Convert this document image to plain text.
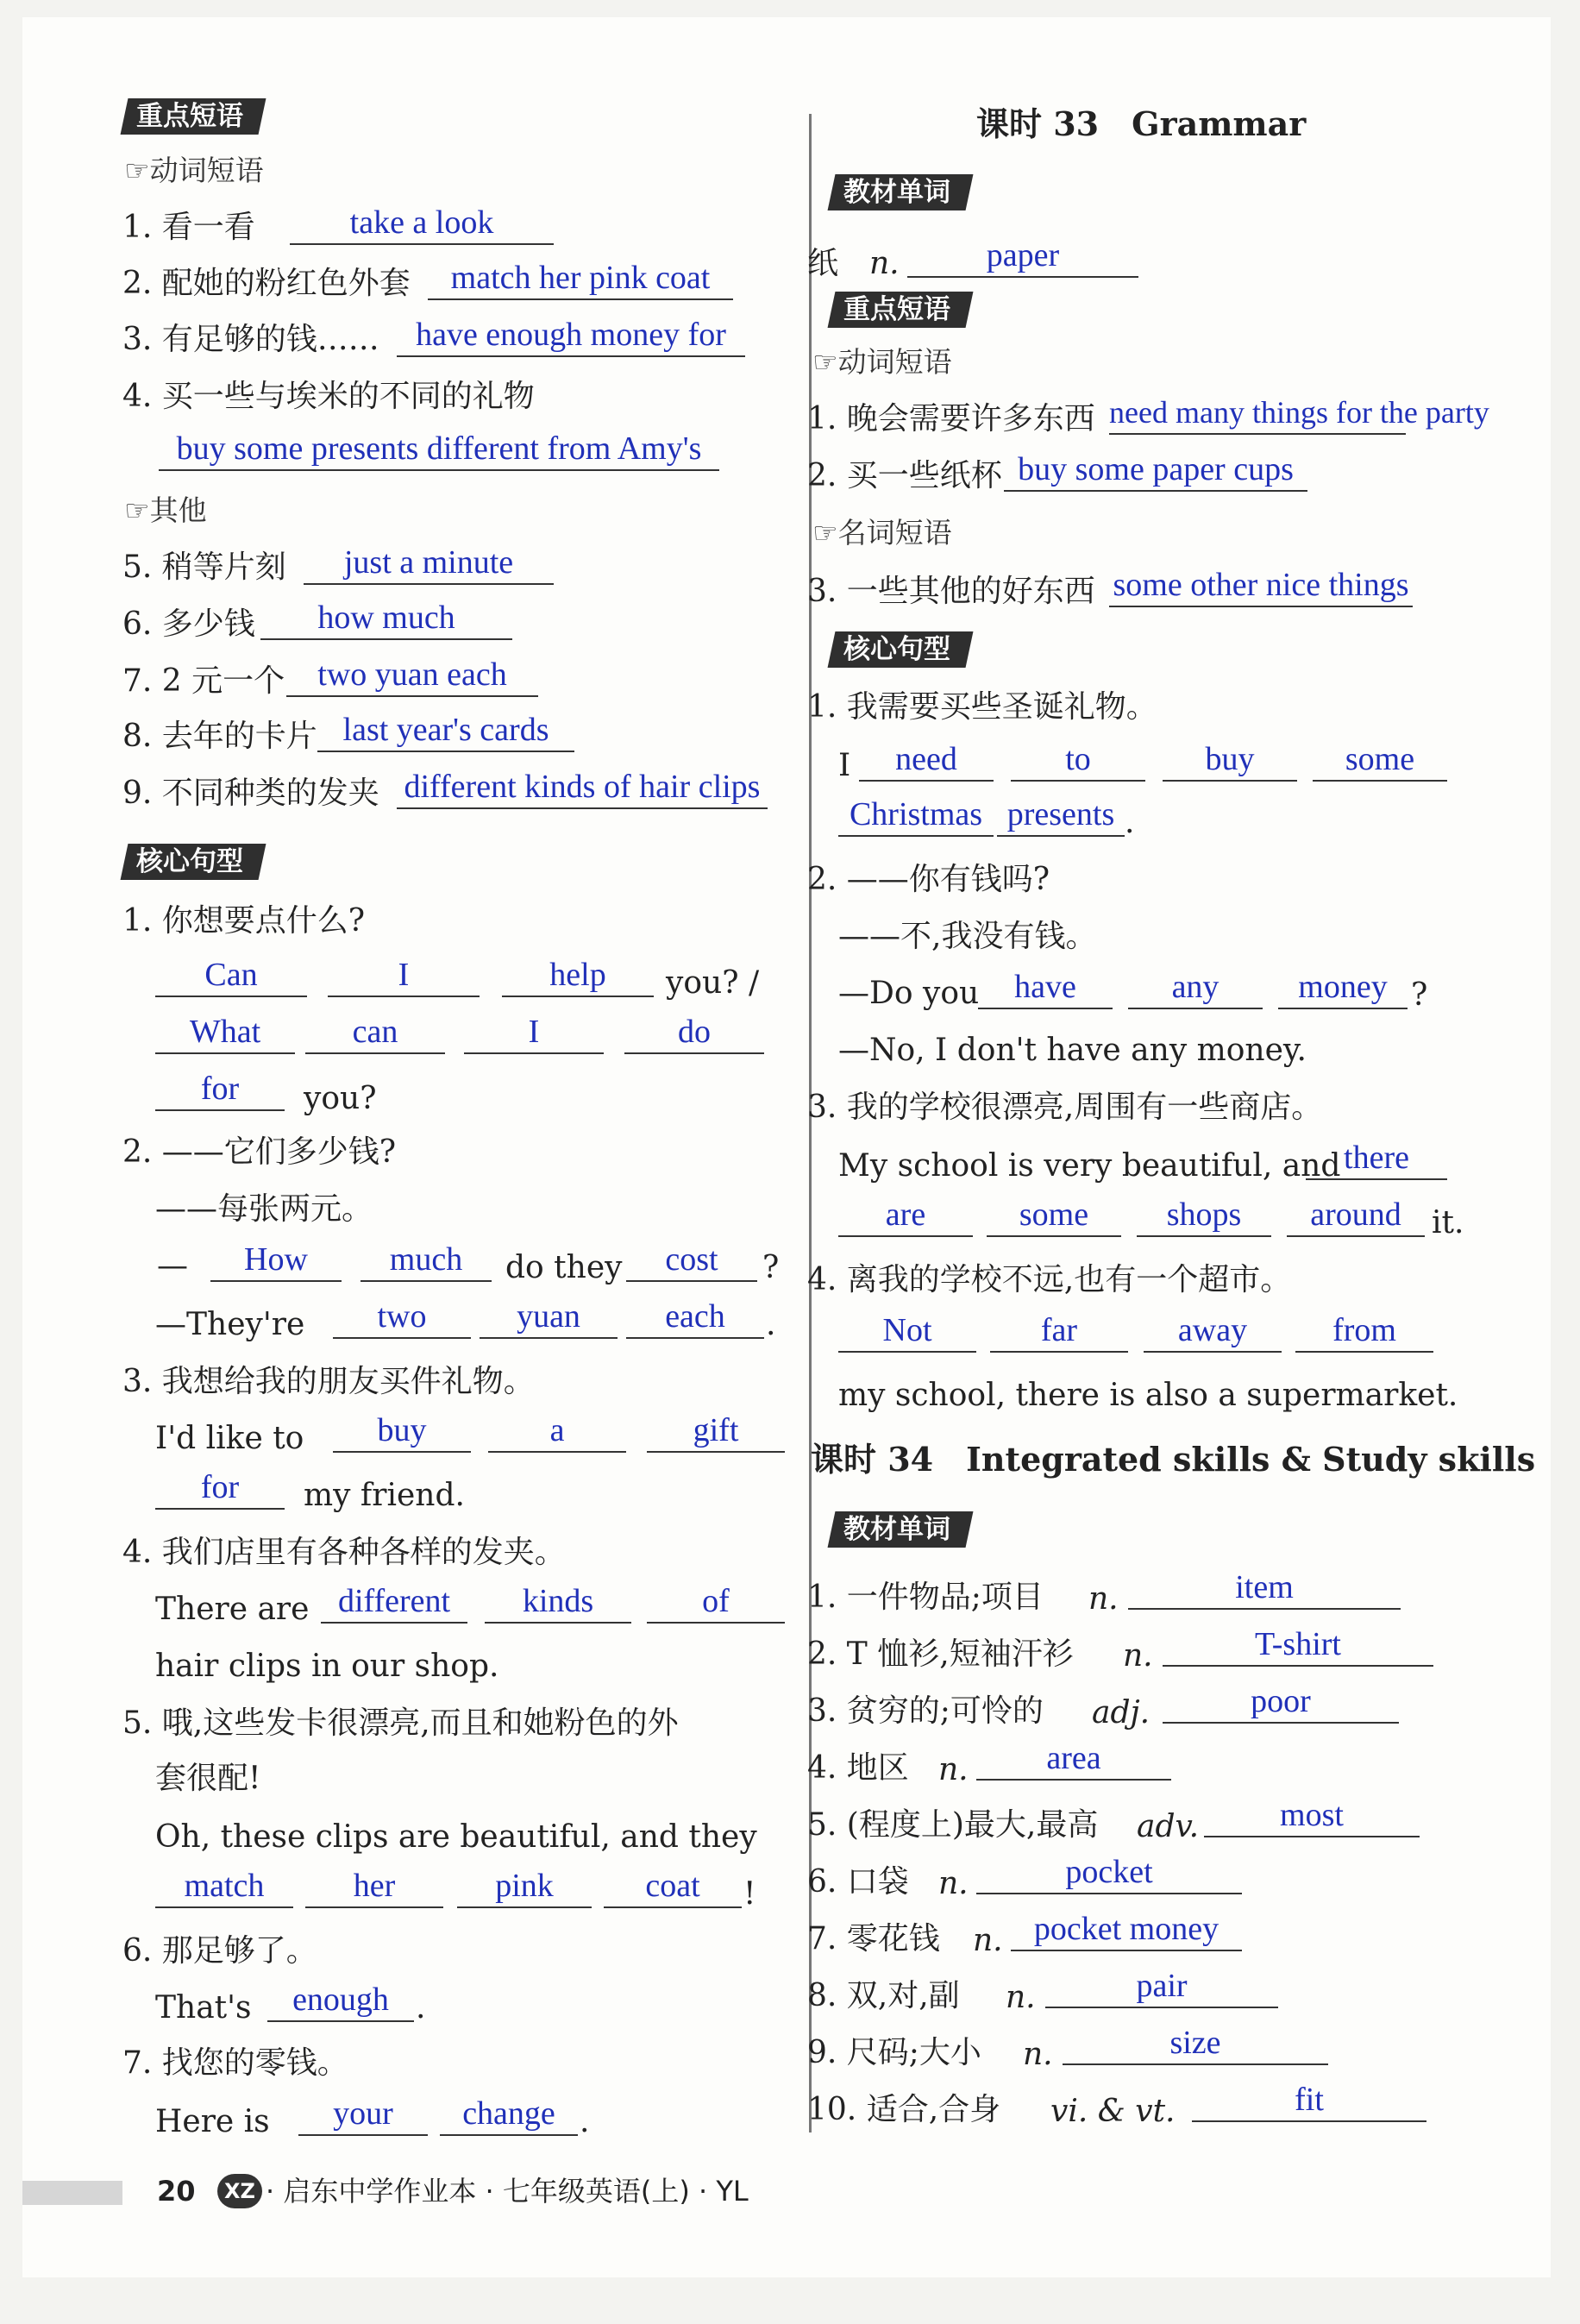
重点短语
☞动词短语
1. 看一看	take a look
2. 配她的粉红色外套	match her pink coat
3. 有足够的钱……	have enough money for
4. 买一些与埃米的不同的礼物
buy some presents different from Amy's
☞其他
5. 稍等片刻	just a minute
6. 多少钱	how much
7. 2 元一个	two yuan each
8. 去年的卡片 last year's cards
9. 不同种类的发夹 different kinds of hair clips
核心句型
1. 你想要点什么?
Can	I	help	you? /
What	can	I	do
for	you?
2. ——它们多少钱?
——每张两元。
—	How	much	do they	cost	?
—They're	two	yuan	each	.
3. 我想给我的朋友买件礼物。
I'd like to	buy	a	gift
for	my friend.
4. 我们店里有各种各样的发夹。
There are different	kinds	of
hair clips in our shop.
5. 哦,这些发卡很漂亮,而且和她粉色的外
套很配!
Oh, these clips are beautiful, and they
match	her	pink	coat	!
6. 那足够了。
That's	enough .
7. 找您的零钱。
Here is	your	change .
课时 33　Grammar
教材单词
纸 n.	paper
重点短语
☞动词短语
1. 晚会需要许多东西 need many things for the party
2. 买一些纸杯 buy some paper cups
☞名词短语
3. 一些其他的好东西 some other nice things
核心句型
1. 我需要买些圣诞礼物。
I	need	to	buy	some
Christmas presents .
2. ——你有钱吗?
——不,我没有钱。
—Do you	have	any	money ?
—No, I don't have any money.
3. 我的学校很漂亮,周围有一些商店。
My school is very beautiful, and there
are	some	shops	around it.
4. 离我的学校不远,也有一个超市。
Not	far	away	from
my school, there is also a supermarket.
课时 34　Integrated skills & Study skills
教材单词
1. 一件物品;项目 n.	item
2. T 恤衫,短袖汗衫 n.	T-shirt
3. 贫穷的;可怜的 adj.	poor
4. 地区 n.	area
5. (程度上)最大,最高 adv.	most
6. 口袋 n.	pocket
7. 零花钱 n. pocket money
8. 双,对,副 n.	pair
9. 尺码;大小 n.	size
10. 适合,合身 vi. & vt.	fit
20	XZ · 启东中学作业本 · 七年级英语(上) · YL
